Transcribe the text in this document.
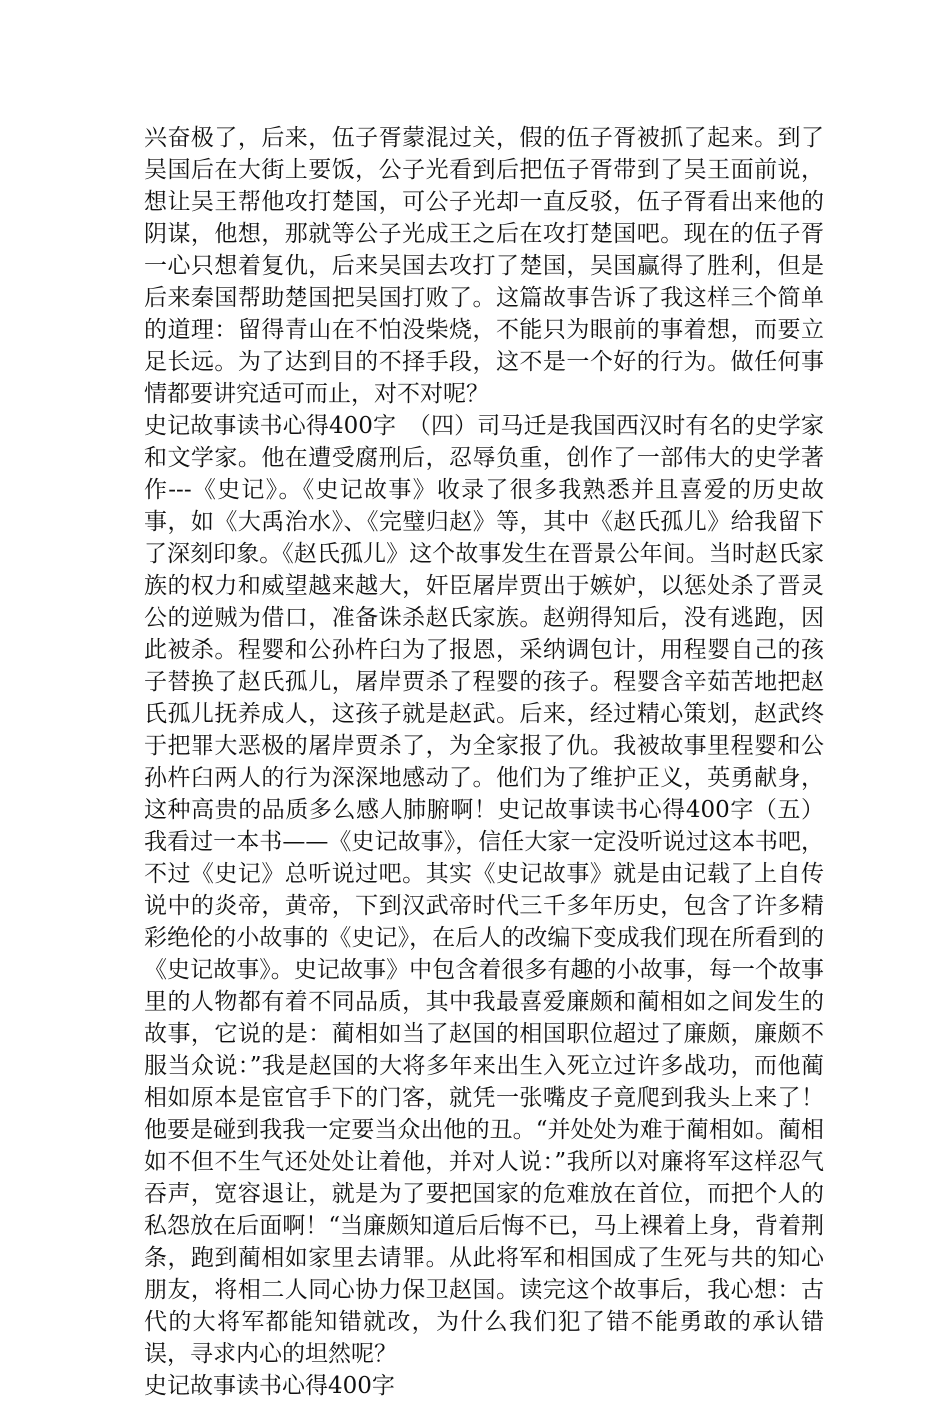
兴奋极了，后来，伍子胥蒙混过关，假的伍子胥被抓了起来。到了吴国后在大街上要饭，公子光看到后把伍子胥带到了吴王面前说，想让吴王帮他攻打楚国，可公子光却一直反驳，伍子胥看出来他的阴谋，他想，那就等公子光成王之后在攻打楚国吧。现在的伍子胥一心只想着复仇，后来吴国去攻打了楚国，吴国赢得了胜利，但是后来秦国帮助楚国把吴国打败了。这篇故事告诉了我这样三个简单的道理：留得青山在不怕没柴烧，不能只为眼前的事着想，而要立足长远。为了达到目的不择手段，这不是一个好的行为。做任何事情都要讲究适可而止，对不对呢？

史记故事读书心得400字　（四）司马迁是我国西汉时有名的史学家和文学家。他在遭受腐刑后，忍辱负重，创作了一部伟大的史学著作---《史记》。《史记故事》收录了很多我熟悉并且喜爱的历史故事，如《大禹治水》、《完璧归赵》等，其中《赵氏孤儿》给我留下了深刻印象。《赵氏孤儿》这个故事发生在晋景公年间。当时赵氏家族的权力和威望越来越大，奸臣屠岸贾出于嫉妒，以惩处杀了晋灵公的逆贼为借口，准备诛杀赵氏家族。赵朔得知后，没有逃跑，因此被杀。程婴和公孙杵臼为了报恩，采纳调包计，用程婴自己的孩子替换了赵氏孤儿，屠岸贾杀了程婴的孩子。程婴含辛茹苦地把赵氏孤儿抚养成人，这孩子就是赵武。后来，经过精心策划，赵武终于把罪大恶极的屠岸贾杀了，为全家报了仇。我被故事里程婴和公孙杵臼两人的行为深深地感动了。他们为了维护正义，英勇献身，这种高贵的品质多么感人肺腑啊！史记故事读书心得400字（五）我看过一本书——《史记故事》，信任大家一定没听说过这本书吧，不过《史记》总听说过吧。其实《史记故事》就是由记载了上自传说中的炎帝，黄帝，下到汉武帝时代三千多年历史，包含了许多精彩绝伦的小故事的《史记》，在后人的改编下变成我们现在所看到的《史记故事》。史记故事》中包含着很多有趣的小故事，每一个故事里的人物都有着不同品质，其中我最喜爱廉颇和蔺相如之间发生的故事，它说的是：蔺相如当了赵国的相国职位超过了廉颇，廉颇不服当众说：”我是赵国的大将多年来出生入死立过许多战功，而他蔺相如原本是宦官手下的门客，就凭一张嘴皮子竟爬到我头上来了！他要是碰到我我一定要当众出他的丑。“并处处为难于蔺相如。蔺相如不但不生气还处处让着他，并对人说：”我所以对廉将军这样忍气吞声，宽容退让，就是为了要把国家的危难放在首位，而把个人的私怨放在后面啊！“当廉颇知道后后悔不已，马上裸着上身，背着荆条，跑到蔺相如家里去请罪。从此将军和相国成了生死与共的知心朋友，将相二人同心协力保卫赵国。读完这个故事后，我心想：古代的大将军都能知错就改，为什么我们犯了错不能勇敢的承认错误，寻求内心的坦然呢？

史记故事读书心得400字
